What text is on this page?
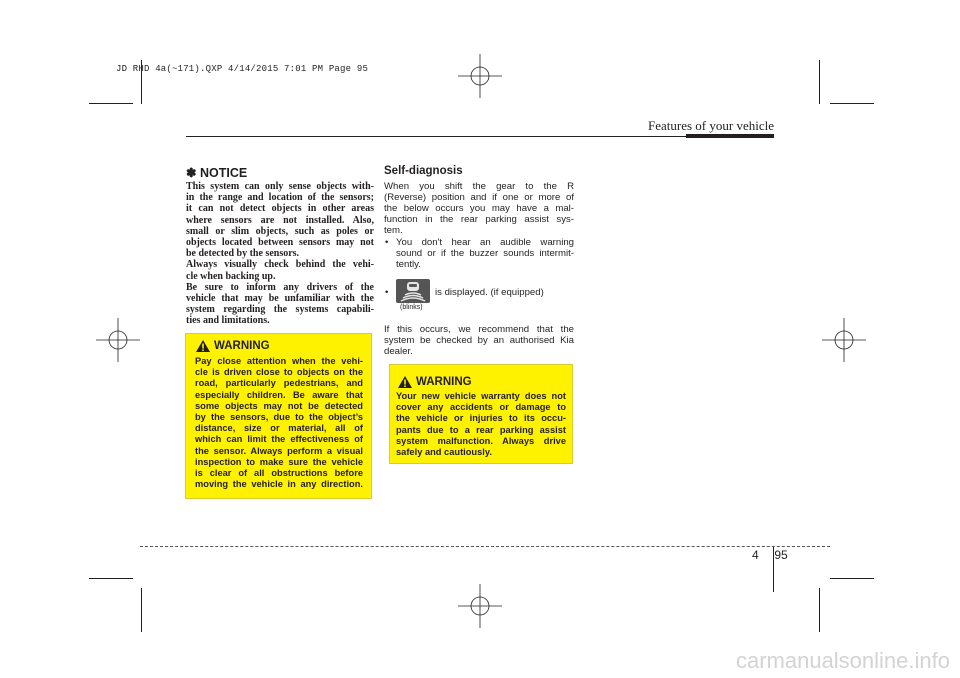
JD RHD 4a(~171).QXP 4/14/2015 7:01 PM Page 95
Features of your vehicle
✽ NOTICE
This system can only sense objects with-
in the range and location of the sensors;
it can not detect objects in other areas
where sensors are not installed. Also,
small or slim objects, such as poles or
objects located between sensors may not
be detected by the sensors.
Always visually check behind the vehi-
cle when backing up.
Be sure to inform any drivers of the
vehicle that may be unfamiliar with the
system regarding the systems capabili-
ties and limitations.
WARNING
Pay close attention when the vehi-
cle is driven close to objects on the
road, particularly pedestrians, and
especially children. Be aware that
some objects may not be detected
by the sensors, due to the object’s
distance, size or material, all of
which can limit the effectiveness of
the sensor. Always perform a visual
inspection to make sure the vehicle
is clear of all obstructions before
moving the vehicle in any direction.
Self-diagnosis
When you shift the gear to the R
(Reverse) position and if one or more of
the below occurs you may have a mal-
function in the rear parking assist sys-
tem.
• You don't hear an audible warning
sound or if the buzzer sounds intermit-
tently.
•	is displayed. (if equipped)
(blinks)
If this occurs, we recommend that the
system be checked by an authorised Kia
dealer.
WARNING
Your new vehicle warranty does not
cover any accidents or damage to
the vehicle or injuries to its occu-
pants due to a rear parking assist
system malfunction. Always drive
safely and cautiously.
4 95
carmanualsonline.info
